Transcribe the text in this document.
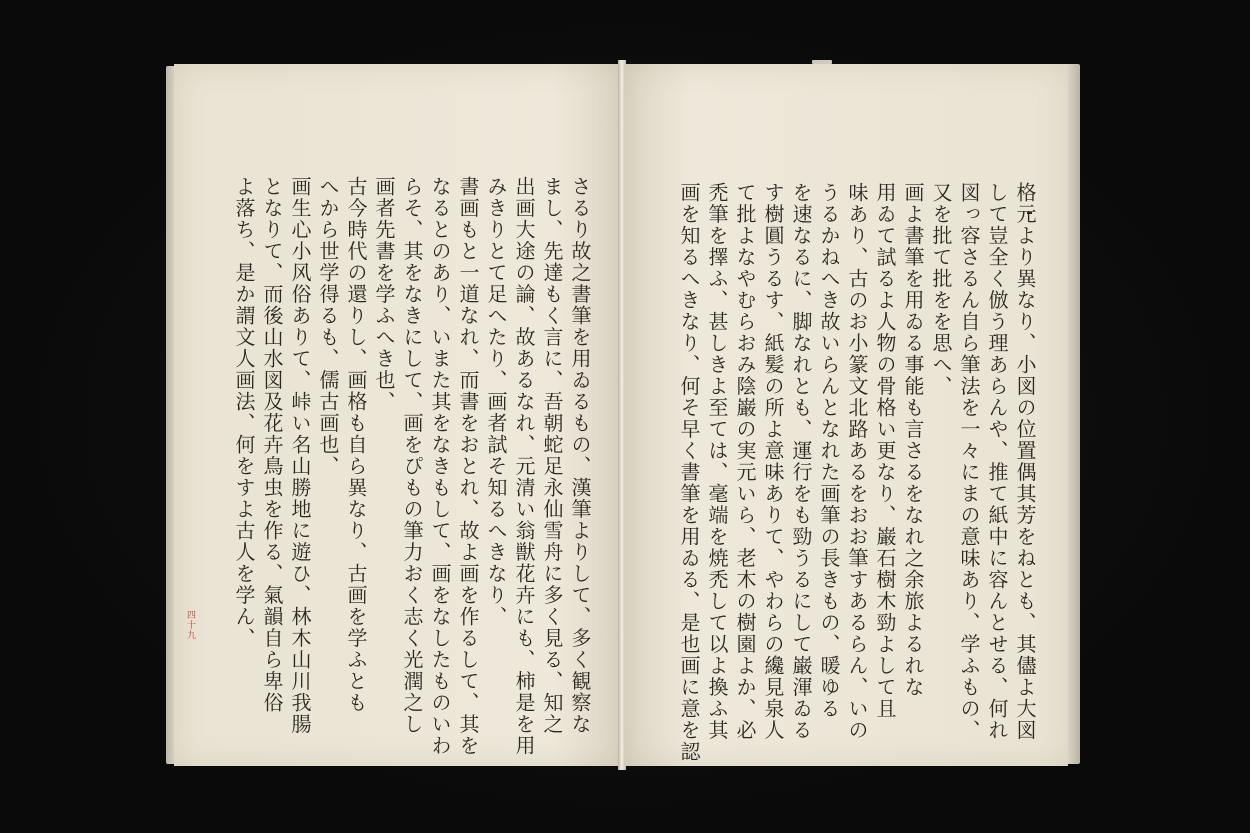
さるり故之書筆を用ゐるもの、漢筆よりして、多く観察な
まし、先達もく言に、吾朝蛇足永仙雪舟に多く見る、知之
出画大途の論、故あるなれ、元清い翁獣花卉にも、柿是を用
みきりとて足へたり、画者試そ知るへきなり、
書画もと一道なれ、而書をおとれ、故よ画を作るして、其を
なるとのあり、いまた其をなきもして、画をなしたものいわ
らそ、其をなきにして、画をぴもの筆力おく志く光潤之し
画者先書を学ふへき也、
古今時代の還りし、画格も自ら異なり、古画を学ふとも
へから世学得るも、儒古画也、
画生心小风俗ありて、峠い名山勝地に遊ひ、林木山川我腸
となりて、而後山水図及花卉鳥虫を作る、氣韻自ら卑俗
よ落ち、是か謂文人画法、何をすよ古人を学ん、
四十九	格元より異なり、小図の位置偶其芳をねとも、其儘よ大図
して豈全く倣う理あらんや、推て紙中に容んとせる、何れ
図っ容さるん自ら筆法を一々にまの意味あり、学ふもの、
又を批て批をを思へ、
画よ書筆を用ゐる事能も言さるをなれ之余旅よるれな
用ゐて試るよ人物の骨格い更なり、巌石樹木勁よして且
味あり、古のお小篆文北路あるをおお筆すあるらん、いの
うるかねへき故いらんとなれた画筆の長きもの、暖ゆる
を速なるに、脚なれとも、運行をも勁うるにして巌渾ゐる
す樹圓うるす、紙髪の所よ意味ありて、やわらの纔見泉人
て批よなやむらおみ陰巌の実元いら、老木の樹園よか、必
禿筆を擇ふ、甚しきよ至ては、毫端を焼禿して以よ換ふ其
画を知るへきなり、何そ早く書筆を用ゐる、是也画に意を認
